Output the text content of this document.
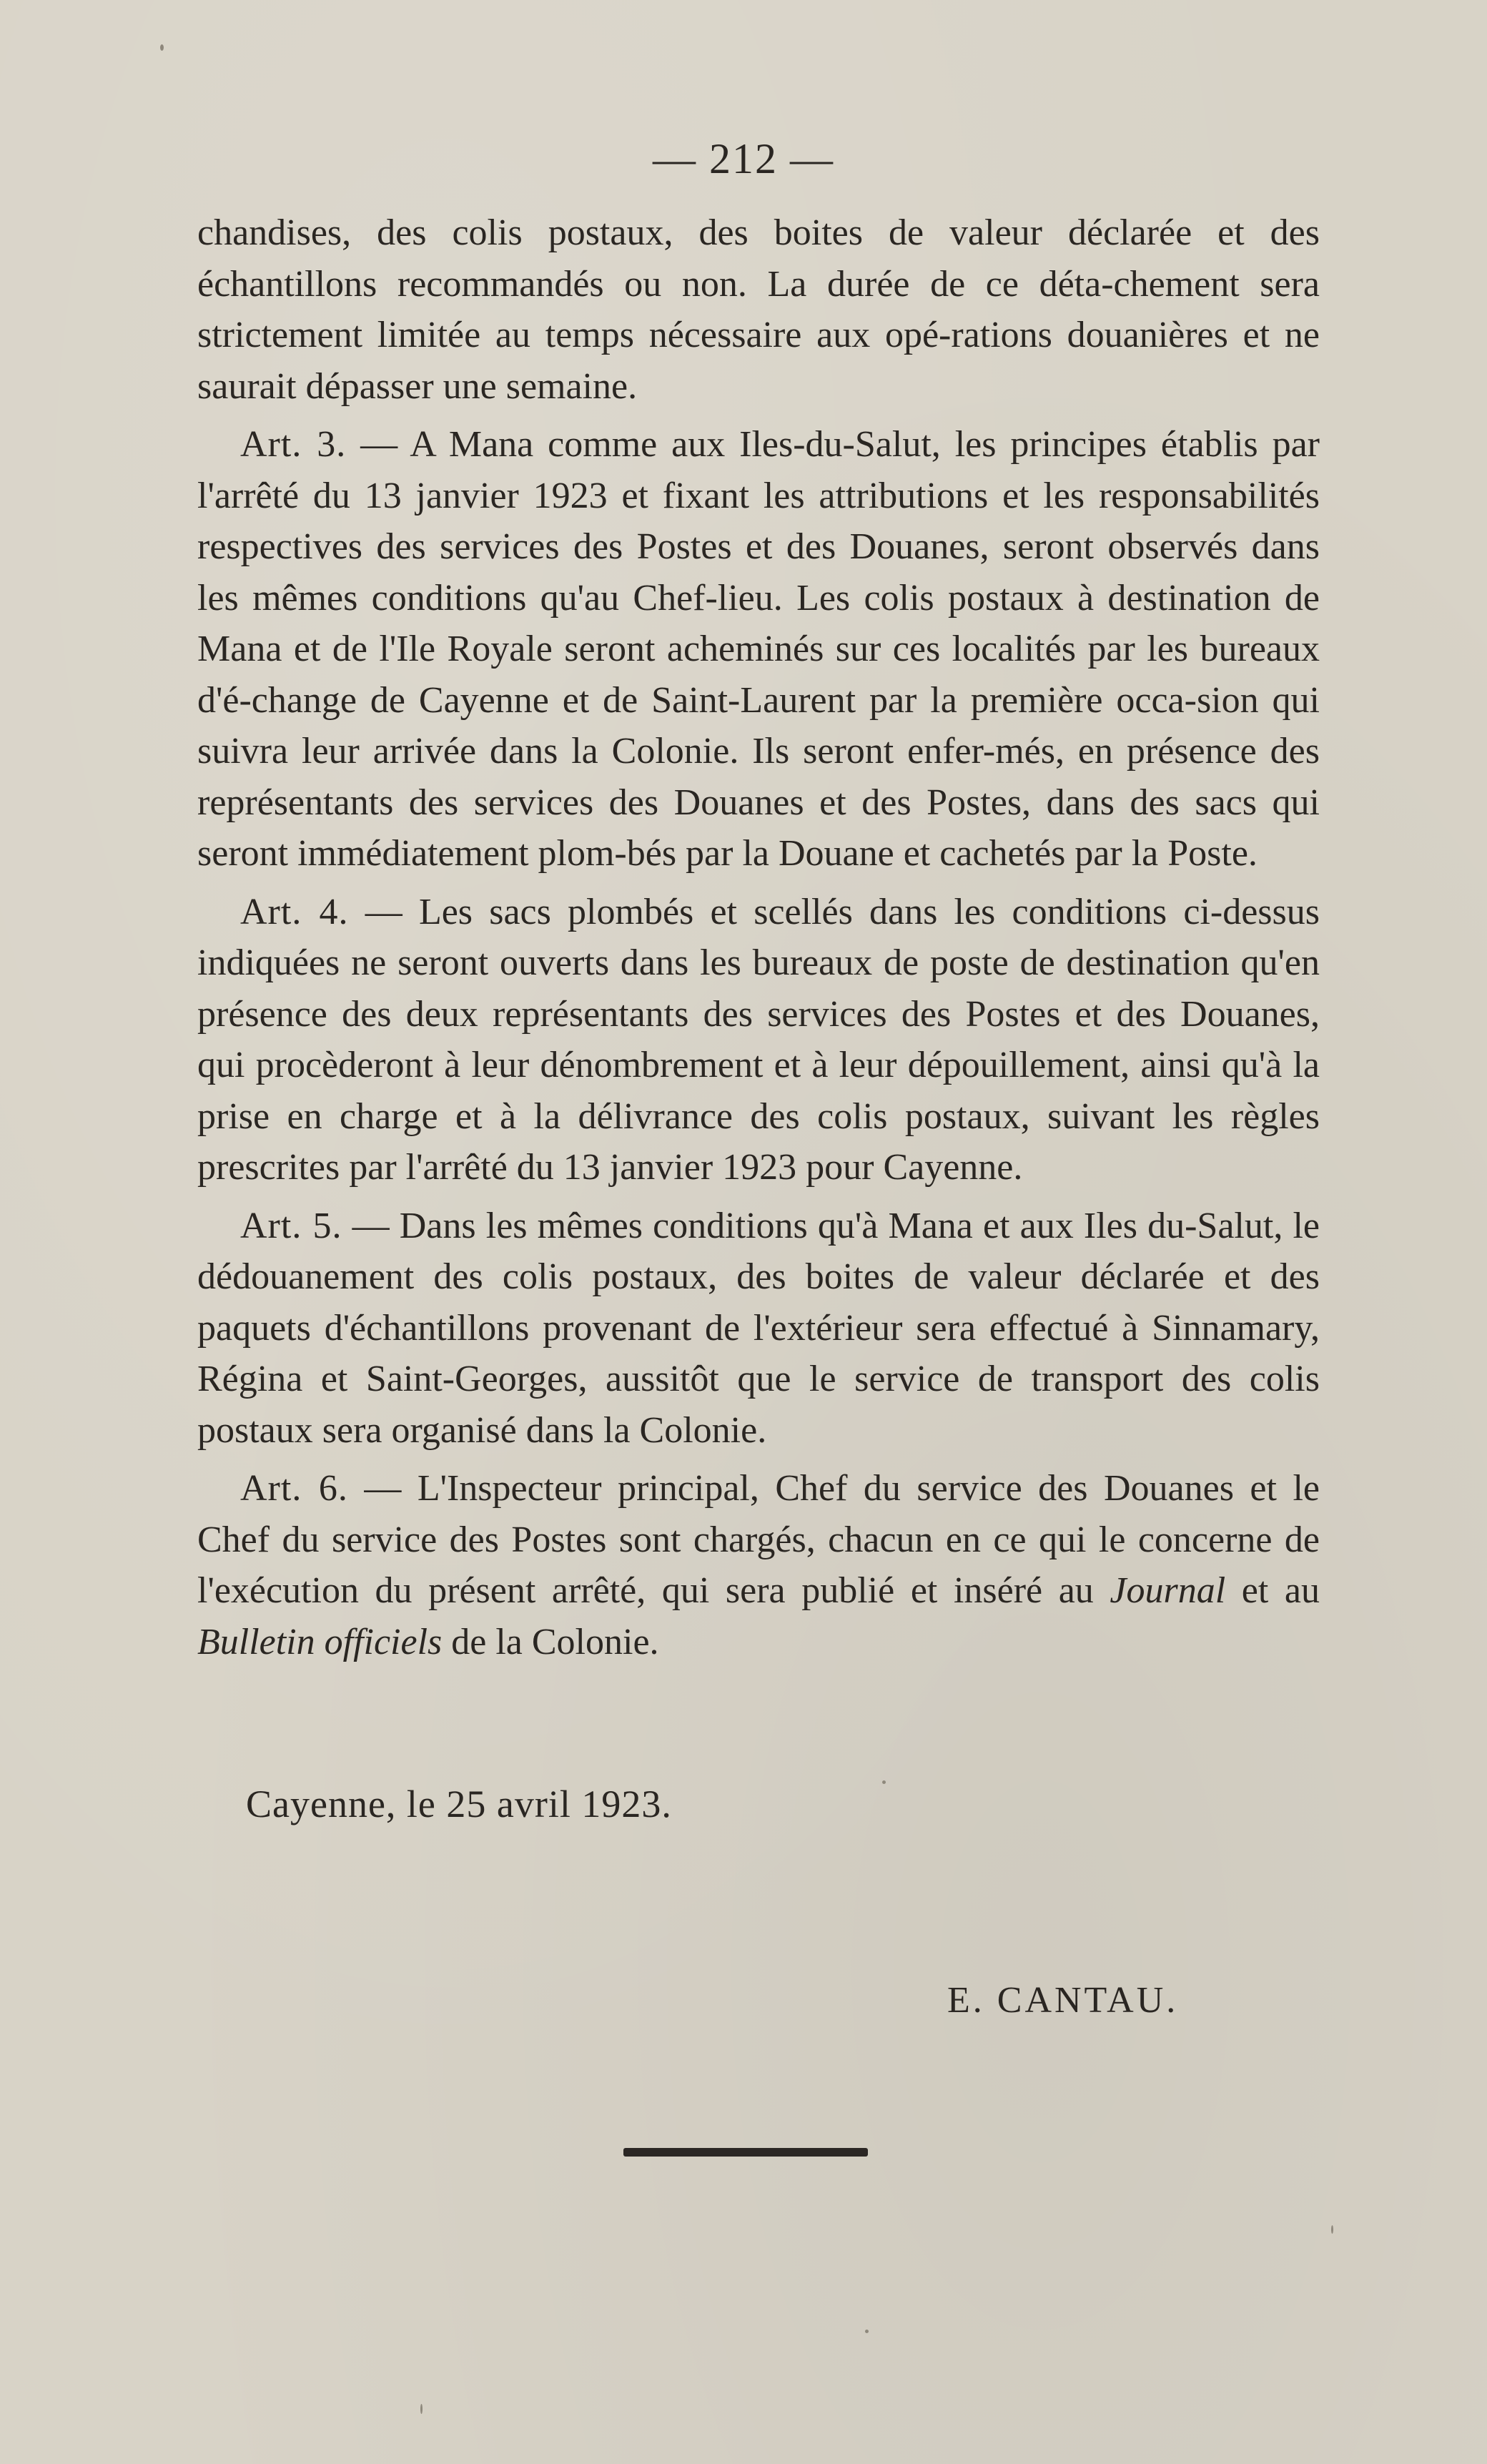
— 212 —

chandises, des colis postaux, des boites de valeur déclarée et des échantillons recommandés ou non. La durée de ce déta-chement sera strictement limitée au temps nécessaire aux opé-rations douanières et ne saurait dépasser une semaine.

Art. 3. — A Mana comme aux Iles-du-Salut, les principes établis par l'arrêté du 13 janvier 1923 et fixant les attributions et les responsabilités respectives des services des Postes et des Douanes, seront observés dans les mêmes conditions qu'au Chef-lieu. Les colis postaux à destination de Mana et de l'Ile Royale seront acheminés sur ces localités par les bureaux d'é-change de Cayenne et de Saint-Laurent par la première occa-sion qui suivra leur arrivée dans la Colonie. Ils seront enfer-més, en présence des représentants des services des Douanes et des Postes, dans des sacs qui seront immédiatement plom-bés par la Douane et cachetés par la Poste.

Art. 4. — Les sacs plombés et scellés dans les conditions ci-dessus indiquées ne seront ouverts dans les bureaux de poste de destination qu'en présence des deux représentants des services des Postes et des Douanes, qui procèderont à leur dénombrement et à leur dépouillement, ainsi qu'à la prise en charge et à la délivrance des colis postaux, suivant les règles prescrites par l'arrêté du 13 janvier 1923 pour Cayenne.

Art. 5. — Dans les mêmes conditions qu'à Mana et aux Iles du-Salut, le dédouanement des colis postaux, des boites de valeur déclarée et des paquets d'échantillons provenant de l'extérieur sera effectué à Sinnamary, Régina et Saint-Georges, aussitôt que le service de transport des colis postaux sera organisé dans la Colonie.

Art. 6. — L'Inspecteur principal, Chef du service des Douanes et le Chef du service des Postes sont chargés, chacun en ce qui le concerne de l'exécution du présent arrêté, qui sera publié et inséré au Journal et au Bulletin officiels de la Colonie.

Cayenne, le 25 avril 1923.
E. CANTAU.
